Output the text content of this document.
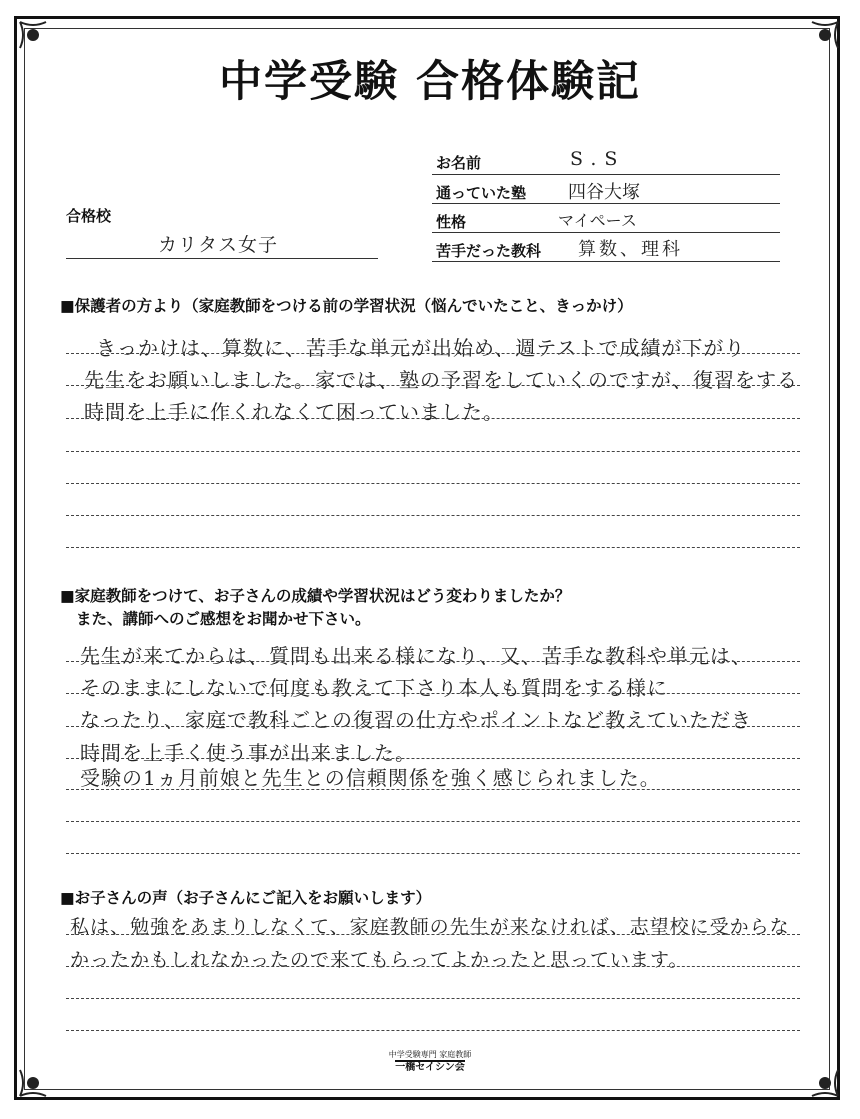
中学受験 合格体験記
お名前	S.S
通っていた塾 四谷大塚
性格	マイペース
苦手だった教科 算数、理科
合格校
カリタス女子
■保護者の方より（家庭教師をつける前の学習状況（悩んでいたこと、きっかけ）
きっかけは、算数に、苦手な単元が出始め、週テストで成績が下がり
先生をお願いしました。家では、塾の予習をしていくのですが、復習をする
時間を上手に作くれなくて困っていました。
■家庭教師をつけて、お子さんの成績や学習状況はどう変わりましたか？
また、講師へのご感想をお聞かせ下さい。
先生が来てからは、質問も出来る様になり、又、苦手な教科や単元は、
そのままにしないで何度も教えて下さり本人も質問をする様に
なったり、家庭で教科ごとの復習の仕方やポイントなど教えていただき
時間を上手く使う事が出来ました。
受験の1ヵ月前娘と先生との信頼関係を強く感じられました。
■お子さんの声（お子さんにご記入をお願いします）
私は、勉強をあまりしなくて、家庭教師の先生が来なければ、志望校に受からな
かったかもしれなかったので来てもらってよかったと思っています。
中学受験専門 家庭教師
一橋セイシン会
